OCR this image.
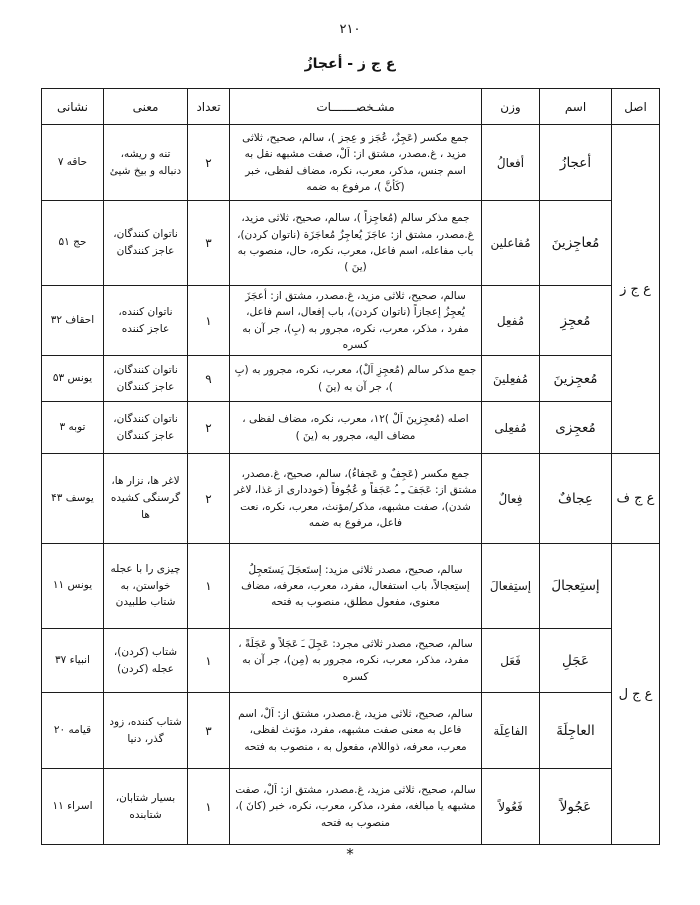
٢١٠
ع ج ز - أعجازُ
اصل	اسم	وزن	مشـخصـــــــات	تعداد	معنى	نشانى
ع ج ز	أعجازُ	أفعالُ	جمع مكسر (عَجِزٌ، عُجَز و عِجز )، سالم، صحيح، ثلاثى مزيد ، غ.مصدر، مشتق از: اَلْ، صفت مشبهه نقل به اسم جنس، مذكر، معرب، نكره، مضاف لفظى، خبر (كَأنَّ )، مرفوع به ضمه	۲	تنه و ريشه، دنباله و بيخ شيئ	حاقه ۷
	مُعاجِزينَ	مُفاعلين	جمع مذكر سالم (مُعاجِزاً )، سالم، صحيح، ثلاثى مزيد، غ.مصدر، مشتق از: عاجَزَ يُعاجِزُ مُعاجَزَة (ناتوان كردن)، باب مفاعله، اسم فاعل، معرب، نكره، حال، منصوب به (ينَ )	۳	ناتوان كنندگان، عاجز كنندگان	حج ۵۱
	مُعجِزِ	مُفعِل	سالم، صحيح، ثلاثى مزيد، غ.مصدر، مشتق از: أعجَزَ يُعجِزُ إعجازاً (ناتوان كردن)، باب إفعال، اسم فاعل، مفرد ، مذكر، معرب، نكره، مجرور به (بِ)، جر آن به كسره	۱	ناتوان كننده، عاجز كننده	احقاف ۳۲
	مُعجِزينَ	مُفعِلينَ	جمع مذكر سالم (مُعجِزِ اَلْ)، معرب، نكره، مجرور به (بِ )، جر آن به (ينَ )	۹	ناتوان كنندگان، عاجز كنندگان	يونس ۵۳
	مُعجِزى	مُفعِلى	اصله (مُعجِزينَ اَلْ )۱۲، معرب، نكره، مضاف لفظى ، مضاف اليه، مجرور به (ينَ )	۲	ناتوان كنندگان، عاجز كنندگان	توبه ۳
ع ج ف	عِجافٌ	فِعالٌ	جمع مكسر (عَجِفٌ و عَجفاءُ)، سالم، صحيح، غ.مصدر، مشتق از: عَجَفَ ـِ ـُ عَجَفاً و عُجُوفاً (خوددارى از غذا، لاغر شدن)، صفت مشبهه، مذكر/مؤنث، معرب، نكره، نعت فاعل، مرفوع به ضمه	۲	لاغر ها، نزار ها، گرسنگى كشيده ها	يوسف ۴۳
ع ج ل	إستِعجالَ	إستِفعالَ	سالم، صحيح، مصدر ثلاثى مزيد: إستَعجَلَ يَستَعجِلُ إستِعجالاً، باب استفعال، مفرد، معرب، معرفه، مضاف معنوى، مفعول مطلق، منصوب به فتحه	۱	چيزى را با عجله خواستن، به شتاب طلبيدن	يونس ۱۱
	عَجَلِ	فَعَل	سالم، صحيح، مصدر ثلاثى مجرد: عَجِلَ ـَ عَجَلاً و عَجَلَةً ، مفرد، مذكر، معرب، نكره، مجرور به (مِن)، جر آن به كسره	۱	شتاب (كردن)، عجله (كردن)	انبياء ۳۷
	العاجِلَةَ	الفاعِلَة	سالم، صحيح، ثلاثى مزيد، غ.مصدر، مشتق از: اَلْ، اسم فاعل به معنى صفت مشبهه، مفرد، مؤنث لفظى، معرب، معرفه، ذواللام، مفعول به ، منصوب به فتحه	۳	شتاب كننده، زود گذر، دنيا	قيامه ۲۰
	عَجُولاً	فَعُولاً	سالم، صحيح، ثلاثى مزيد، غ.مصدر، مشتق از: اَلْ، صفت مشبهه يا مبالغه، مفرد، مذكر، معرب، نكره، خبر (كانَ )، منصوب به فتحه	۱	بسيار شتابان، شتابنده	اسراء ۱۱
*
